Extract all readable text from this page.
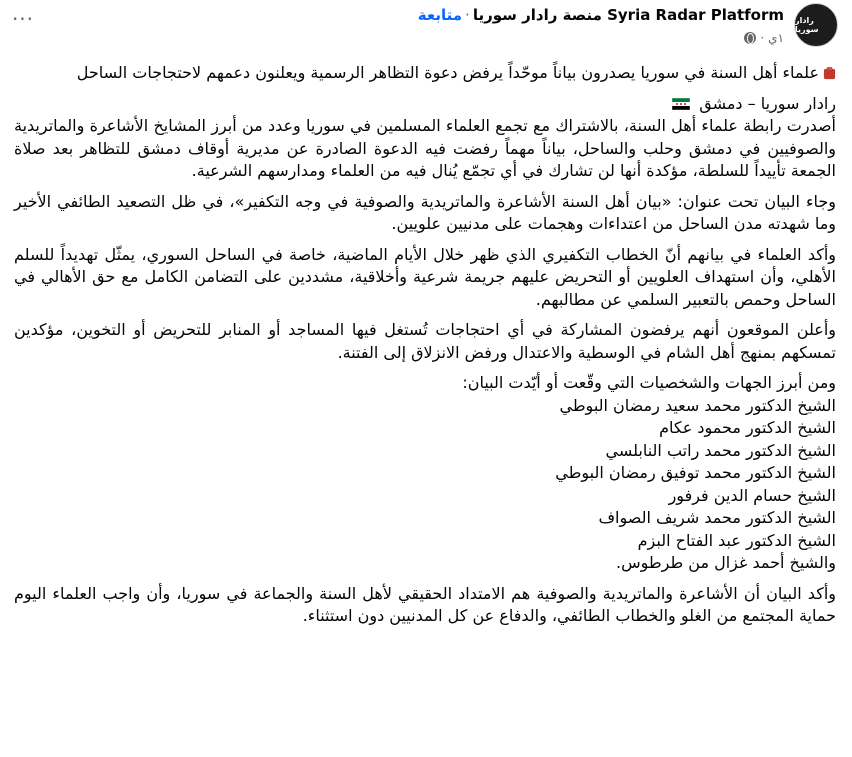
رادار سوريا
Syria Radar Platform منصة رادار سوريا·متابعة
١ي
·
···

علماء أهل السنة في سوريا يصدرون بياناً موحّداً يرفض دعوة التظاهر الرسمية ويعلنون دعمهم لاحتجاجات الساحل

رادار سوريا – دمشق

أصدرت رابطة علماء أهل السنة، بالاشتراك مع تجمع العلماء المسلمين في سوريا وعدد من أبرز المشايخ الأشاعرة والماتريدية والصوفيين في دمشق وحلب والساحل، بياناً مهماً رفضت فيه الدعوة الصادرة عن مديرية أوقاف دمشق للتظاهر بعد صلاة الجمعة تأييداً للسلطة، مؤكدة أنها لن تشارك في أي تجمّع يُنال فيه من العلماء ومدارسهم الشرعية.

وجاء البيان تحت عنوان: «بيان أهل السنة الأشاعرة والماتريدية والصوفية في وجه التكفير»، في ظل التصعيد الطائفي الأخير وما شهدته مدن الساحل من اعتداءات وهجمات على مدنيين علويين.

وأكد العلماء في بيانهم أنّ الخطاب التكفيري الذي ظهر خلال الأيام الماضية، خاصة في الساحل السوري، يمثّل تهديداً للسلم الأهلي، وأن استهداف العلويين أو التحريض عليهم جريمة شرعية وأخلاقية، مشددين على التضامن الكامل مع حق الأهالي في الساحل وحمص بالتعبير السلمي عن مطالبهم.

وأعلن الموقعون أنهم يرفضون المشاركة في أي احتجاجات تُستغل فيها المساجد أو المنابر للتحريض أو التخوين، مؤكدين تمسكهم بمنهج أهل الشام في الوسطية والاعتدال ورفض الانزلاق إلى الفتنة.

ومن أبرز الجهات والشخصيات التي وقّعت أو أيّدت البيان:

الشيخ الدكتور محمد سعيد رمضان البوطي
الشيخ الدكتور محمود عكام
الشيخ الدكتور محمد راتب النابلسي
الشيخ الدكتور محمد توفيق رمضان البوطي
الشيخ حسام الدين فرفور
الشيخ الدكتور محمد شريف الصواف
الشيخ الدكتور عبد الفتاح البزم
والشيخ أحمد غزال من طرطوس.

وأكد البيان أن الأشاعرة والماتريدية والصوفية هم الامتداد الحقيقي لأهل السنة والجماعة في سوريا، وأن واجب العلماء اليوم حماية المجتمع من الغلو والخطاب الطائفي، والدفاع عن كل المدنيين دون استثناء.
